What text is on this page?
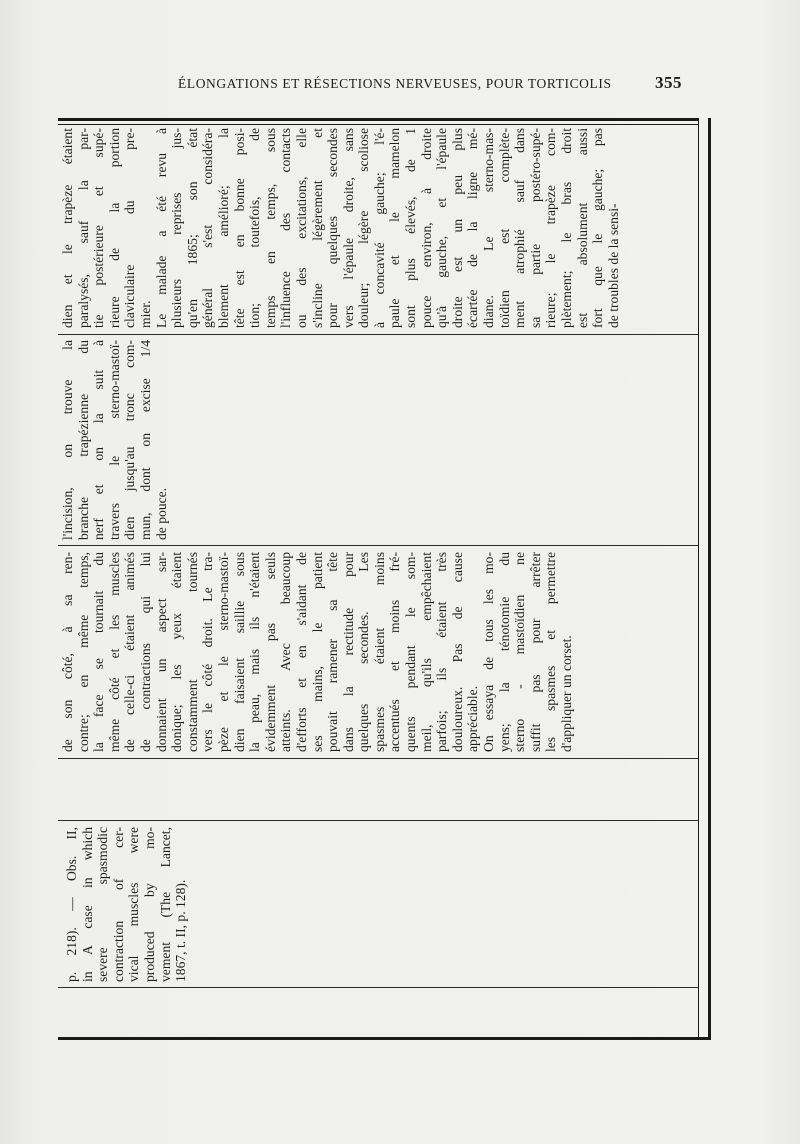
ÉLONGATIONS ET RÉSECTIONS NERVEUSES, POUR TORTICOLIS	355
dien et le trapèze étaient paralysés, sauf la par- tie postérieure et supé- rieure de la portion claviculaire du pre- mier. Le malade a été revu à plusieurs reprises jus- qu'en 1865; son état général s'est considéra- blement amélioré; la tête est en bonne posi- tion; toutefois, de temps en temps, sous l'influence des contacts ou des excitations, elle s'incline légèrement et pour quelques secondes vers l'épaule droite, sans douleur; légère scoliose à concavité gauche; l'é- paule et le mamelon sont plus élevés, de 1 pouce environ, à droite qu'à gauche, et l'épaule droite est un peu plus écartée de la ligne mé- diane. Le sterno-mas- toïdien est complète- ment atrophié sauf dans sa partie postéro-supé- rieure; le trapèze com- plètement; le bras droit est absolument aussi fort que le gauche; pas de troubles de la sensi-
l'incision, on trouve la branche trapézienne du nerf et on la suit à travers le sterno-mastoï- dien jusqu'au tronc com- mun, dont on excise 1/4 de pouce.
de son côté, à sa ren- contre; en même temps, la face se tournait du même côté et les muscles de celle-ci étaient animés de contractions qui lui donnaient un aspect sar- donique; les yeux étaient constamment tournés vers le côté droit. Le tra- pèze et le sterno-mastoï- dien faisaient saillie sous la peau, mais ils n'étaient évidemment pas seuls atteints. Avec beaucoup d'efforts et en s'aidant de ses mains, le patient pouvait ramener sa tête dans la rectitude pour quelques secondes. Les spasmes étaient moins accentués et moins fré- quents pendant le som- meil, qu'ils empêchaient parfois; ils étaient très douloureux. Pas de cause appréciable. On essaya de tous les mo- yens; la ténotomie du sterno - mastoïdien ne suffit pas pour arrêter les spasmes et permettre d'appliquer un corset.
p. 218). — Obs. II, in A case in which severe spasmodic contraction of cer- vical muscles were produced by mo- vement (The Lancet, 1867, t. II, p. 128).
